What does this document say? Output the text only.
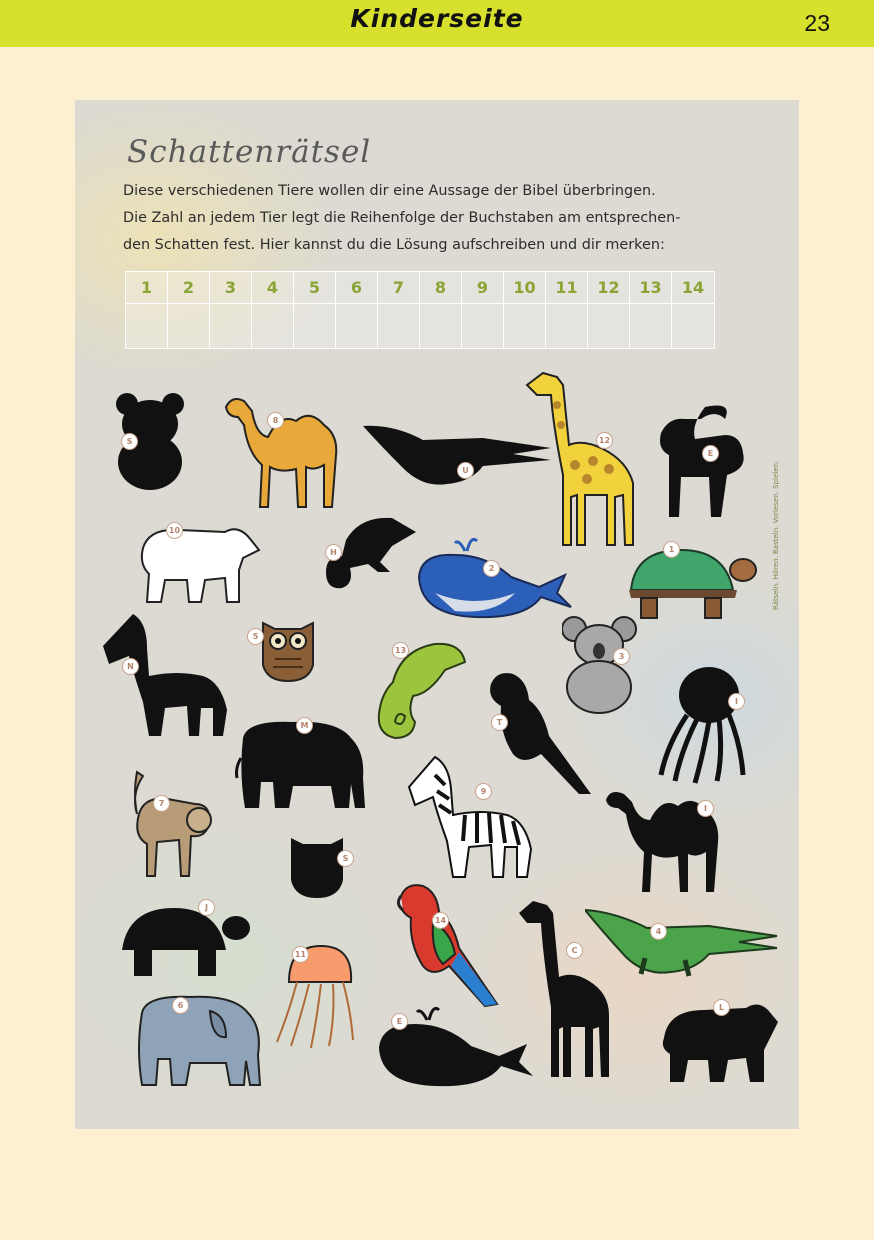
Kinderseite	23
Schattenrätsel
Diese verschiedenen Tiere wollen dir eine Aussage der Bibel überbringen.
Die Zahl an jedem Tier legt die Reihenfolge der Buchstaben am entsprechen-
den Schatten fest. Hier kannst du die Lösung aufschreiben und dir merken:
1	2	3	4	5	6	7	8	9	10	11	12	13	14
Rätseln. Hören. Basteln. Vorlesen. Spielen.
S
8
U
12
E
10
H
2
1
N
5
13
3
I
T
M
7
9
I
S
J
14
C
4
11
6
E
L
